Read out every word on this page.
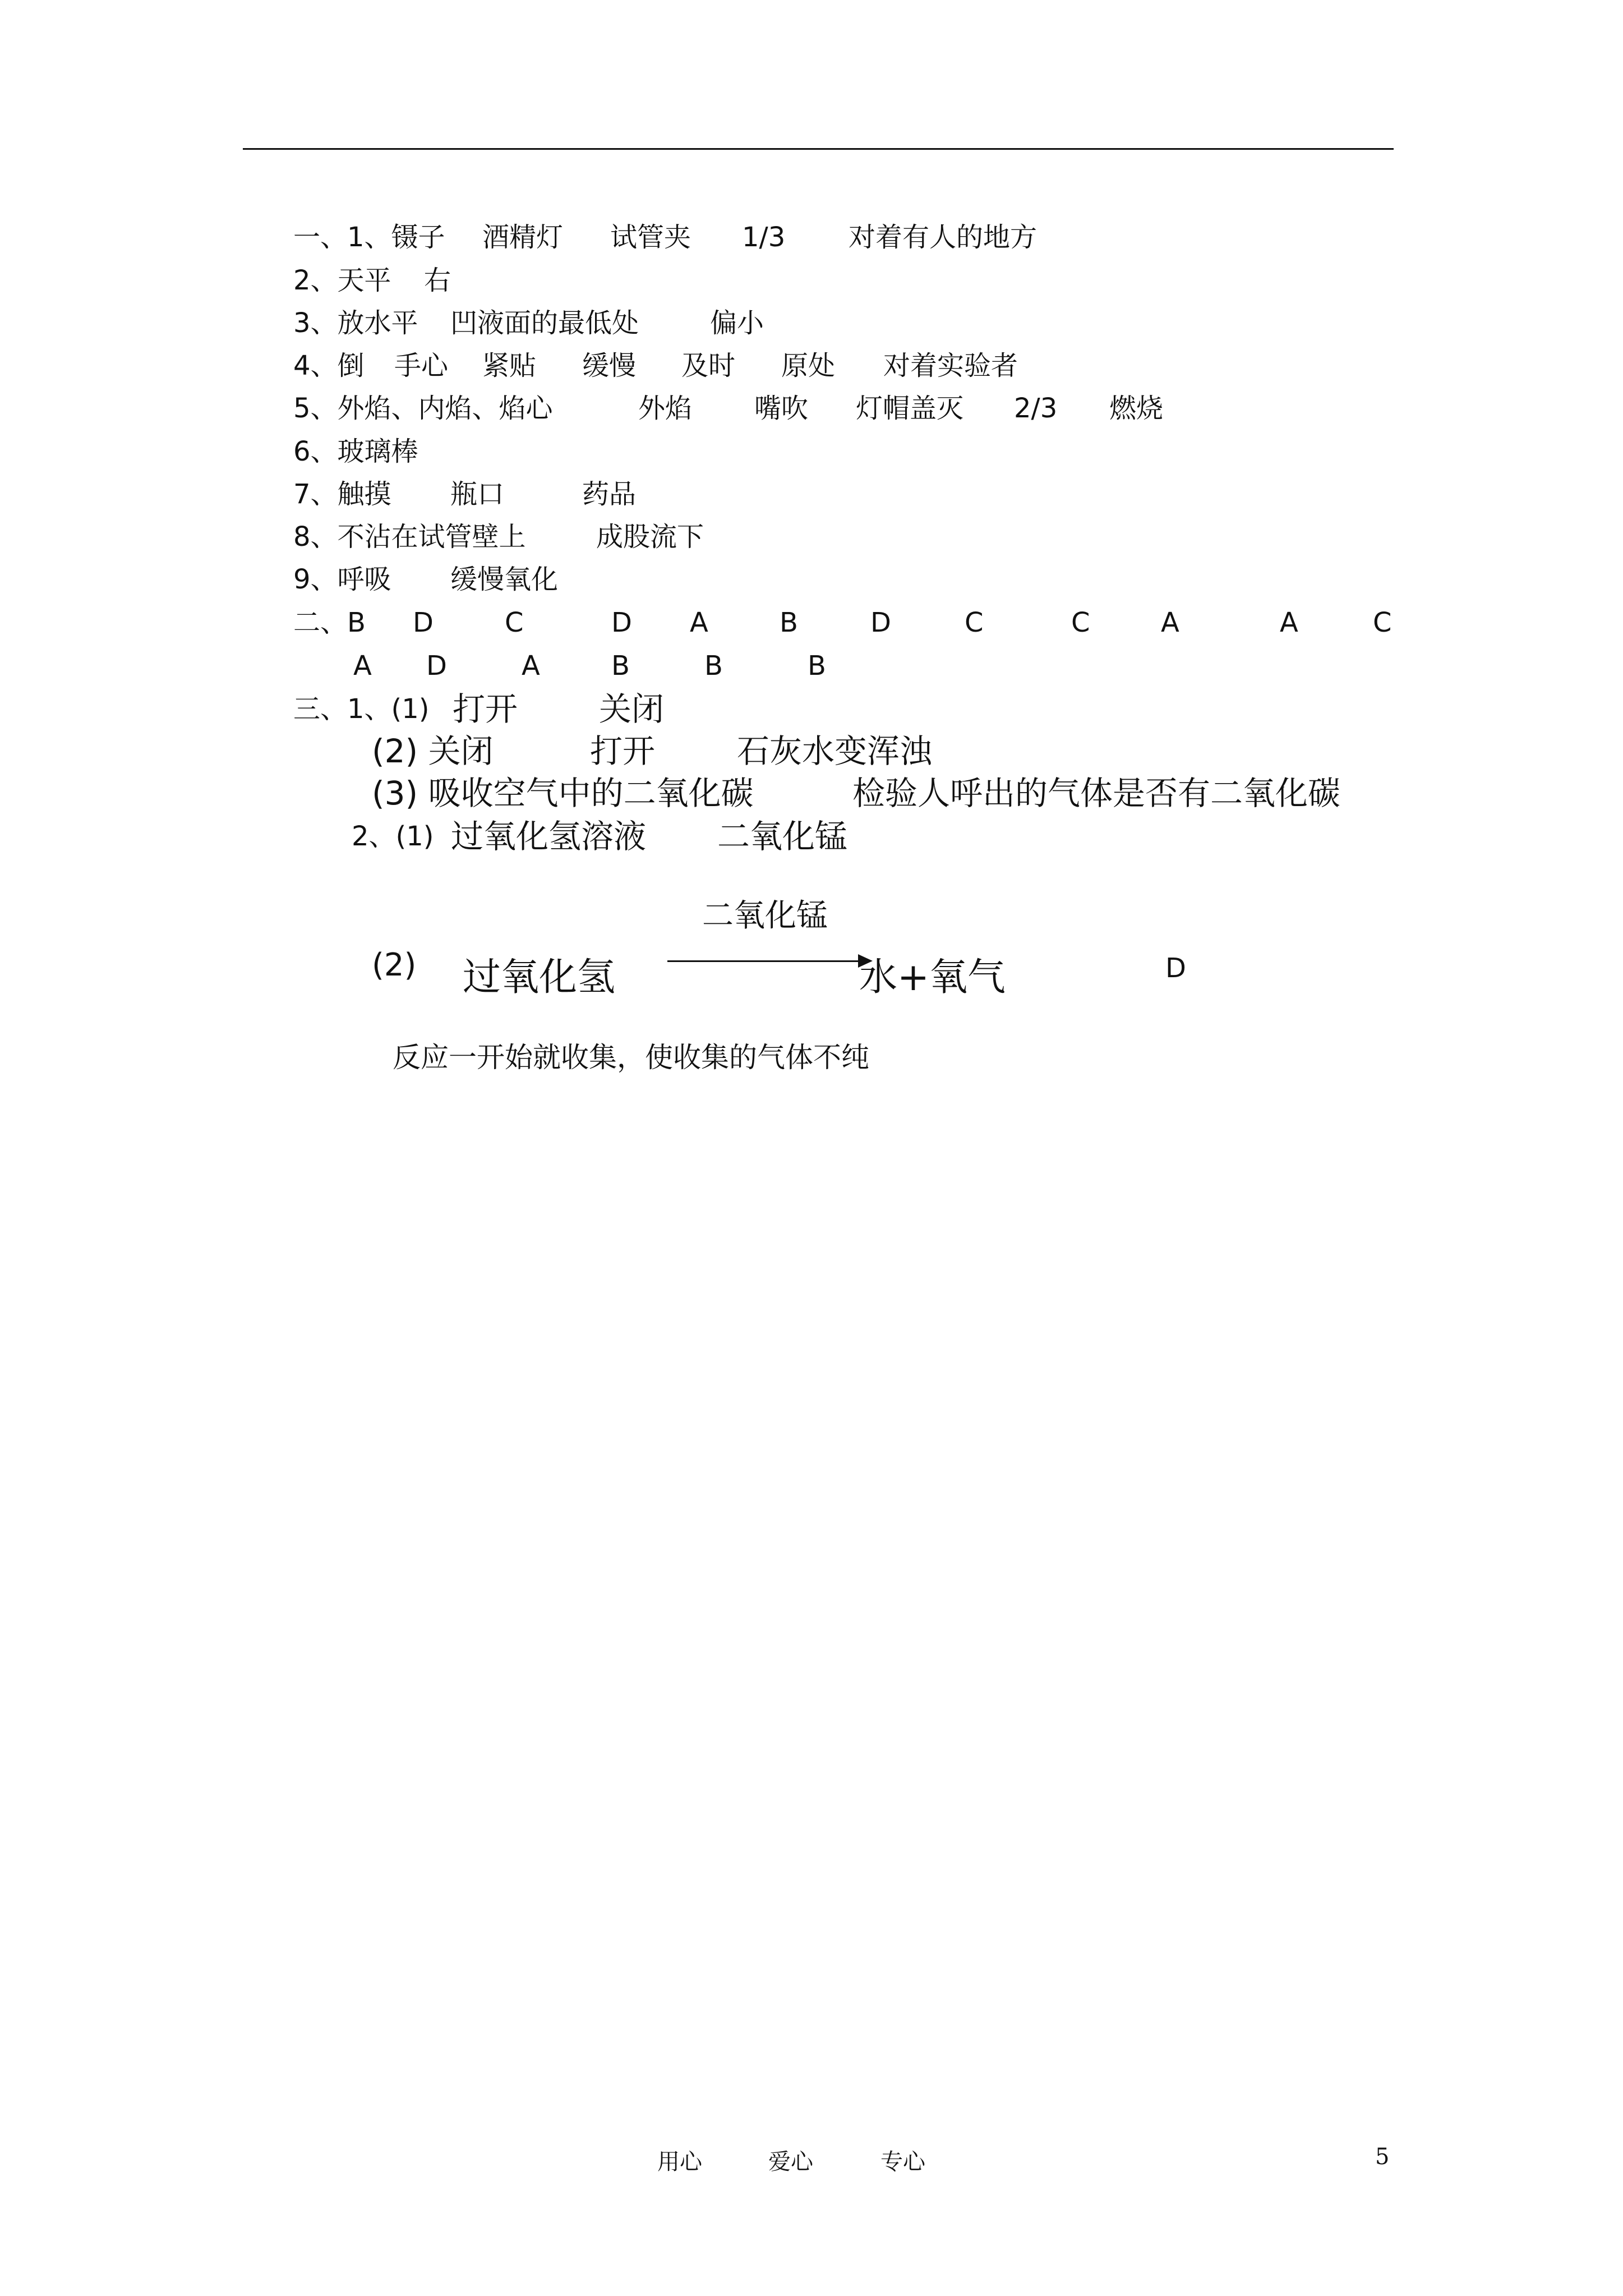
一、1、镊子 酒精灯 试管夹 1/3 对着有人的地方
2、天平 右
3、放水平 凹液面的最低处	偏小
4、倒 手心 紧贴 缓慢 及时 原处 对着实验者
5、外焰、内焰、焰心	外焰 嘴吹 灯帽盖灭 2/3 燃烧
6、玻璃棒
7、触摸 瓶口	药品
8、不沾在试管壁上	成股流下
9、呼吸 缓慢氧化
二、B D	C	D A	B	D	C	C	A	A	C
A D	A	B	B	B
三、1、(1) 打开 关闭
(2) 关闭	打开	石灰水变浑浊
(3) 吸收空气中的二氧化碳	检验人呼出的气体是否有二氧化碳
2、(1) 过氧化氢溶液 二氧化锰
二氧化锰
(2) 过氧化氢	水+氧气	D
反应一开始就收集，使收集的气体不纯
用心	爱心	专心	5
